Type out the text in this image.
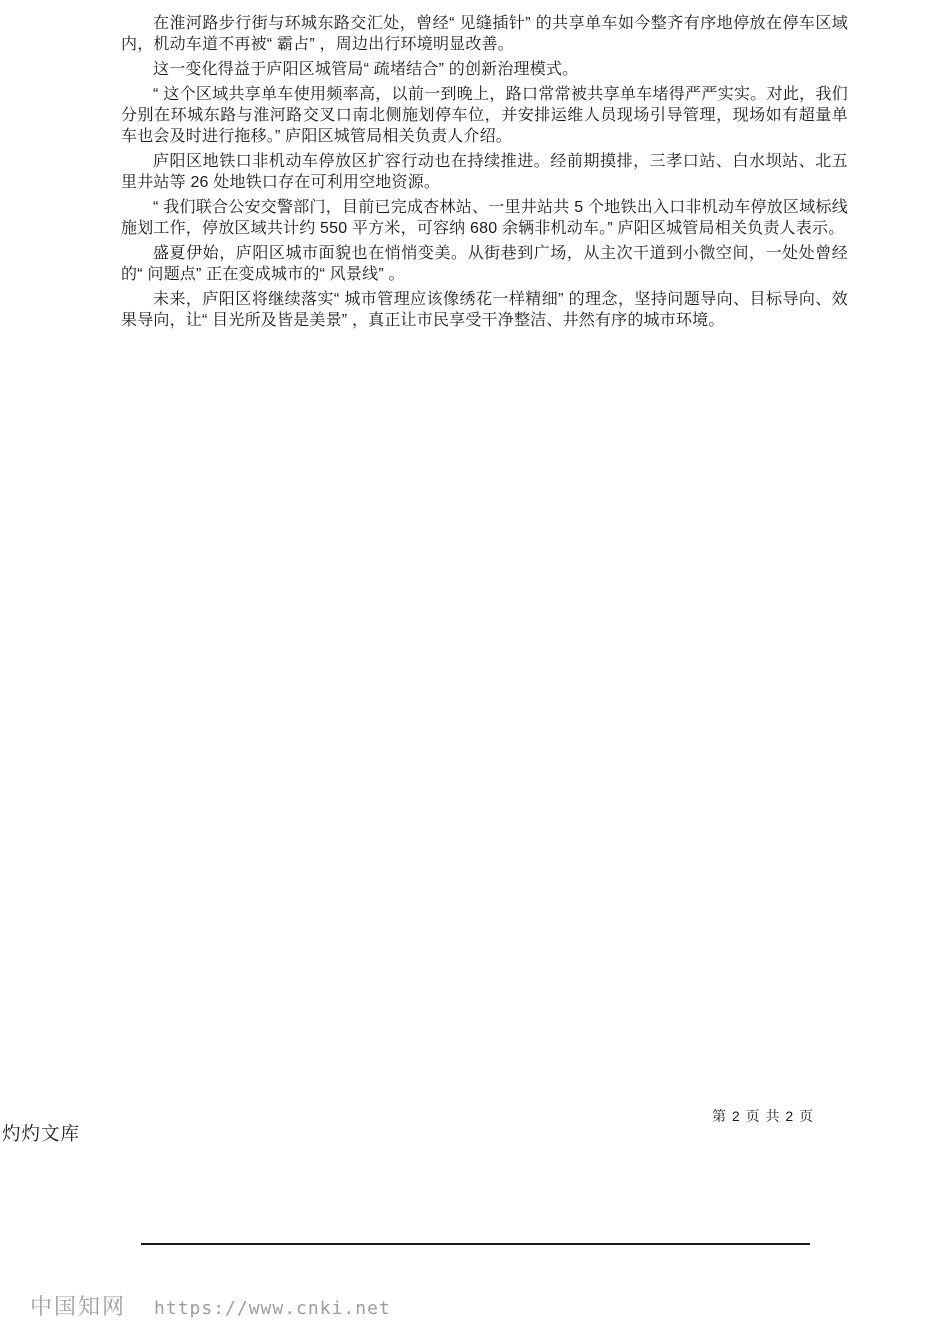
在淮河路步行街与环城东路交汇处，曾经“ 见缝插针” 的共享单车如今整齐有序地停放在停车区域内，机动车道不再被“ 霸占” ，周边出行环境明显改善。

这一变化得益于庐阳区城管局“ 疏堵结合” 的创新治理模式。

“ 这个区域共享单车使用频率高，以前一到晚上，路口常常被共享单车堵得严严实实。对此，我们分别在环城东路与淮河路交叉口南北侧施划停车位，并安排运维人员现场引导管理，现场如有超量单车也会及时进行拖移。” 庐阳区城管局相关负责人介绍。

庐阳区地铁口非机动车停放区扩容行动也在持续推进。经前期摸排，三孝口站、白水坝站、北五里井站等 26 处地铁口存在可利用空地资源。

“ 我们联合公安交警部门，目前已完成杏林站、一里井站共 5 个地铁出入口非机动车停放区域标线施划工作，停放区域共计约 550 平方米，可容纳 680 余辆非机动车。” 庐阳区城管局相关负责人表示。

盛夏伊始，庐阳区城市面貌也在悄悄变美。从街巷到广场，从主次干道到小微空间，一处处曾经的“ 问题点” 正在变成城市的“ 风景线” 。

未来，庐阳区将继续落实“ 城市管理应该像绣花一样精细” 的理念，坚持问题导向、目标导向、效果导向，让“ 目光所及皆是美景” ，真正让市民享受干净整洁、井然有序的城市环境。

第 2 页 共 2 页
灼灼文库
中国知网 https://www.cnki.net
